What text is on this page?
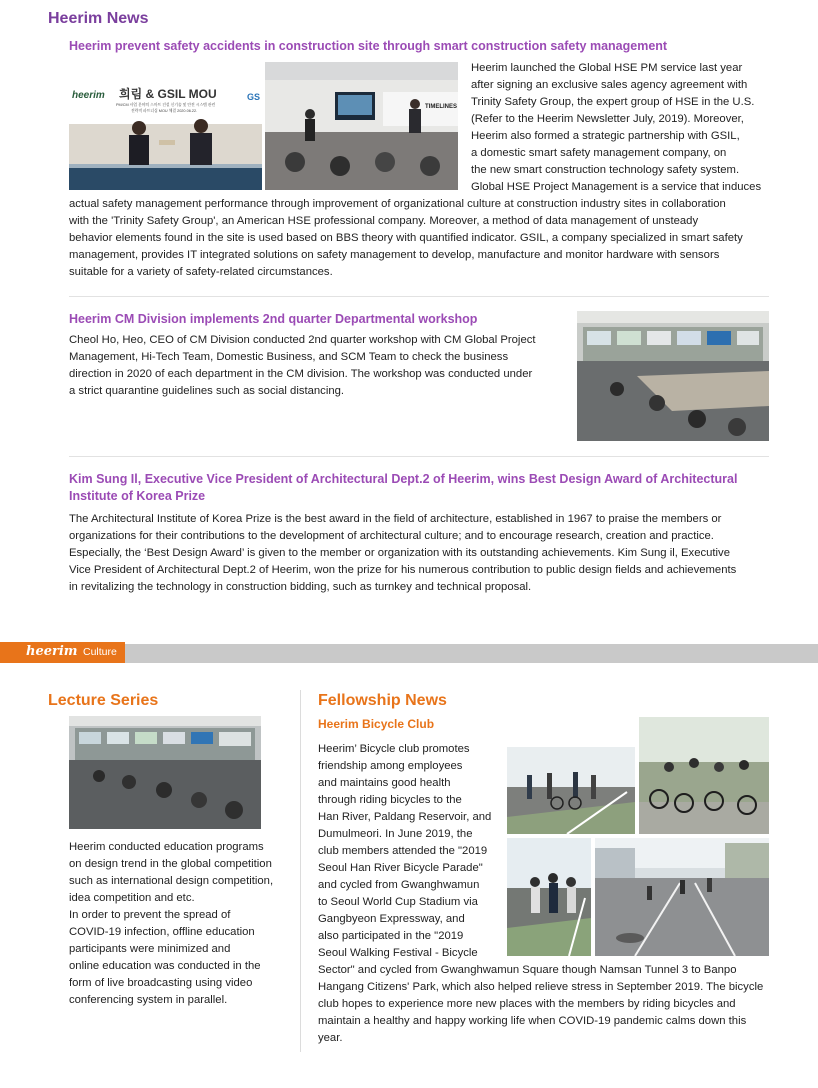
Heerim News
Heerim prevent safety accidents in construction site through smart construction safety management
heerim 희림 & GSIL MOU	GS
PM/CM 사업 분야의 스마트 건설 신기술 및 안전 시스템 관련
전략적 파트너십 MOU 체결 2020.06.22.
TIMELINES
Heerim launched the Global HSE PM service last year
after signing an exclusive sales agency agreement with
Trinity Safety Group, the expert group of HSE in the U.S.
(Refer to the Heerim Newsletter July, 2019). Moreover,
Heerim also formed a strategic partnership with GSIL,
a domestic smart safety management company, on
the new smart construction technology safety system.
Global HSE Project Management is a service that induces
actual safety management performance through improvement of organizational culture at construction industry sites in collaboration
with the 'Trinity Safety Group', an American HSE professional company. Moreover, a method of data management of unsteady
behavior elements found in the site is used based on BBS theory with quantified indicator. GSIL, a company specialized in smart safety
management, provides IT integrated solutions on safety management to develop, manufacture and monitor hardware with sensors
suitable for a variety of safety-related circumstances.
Heerim CM Division implements 2nd quarter Departmental workshop
Cheol Ho, Heo, CEO of CM Division conducted 2nd quarter workshop with CM Global Project
Management, Hi-Tech Team, Domestic Business, and SCM Team to check the business
direction in 2020 of each department in the CM division. The workshop was conducted under
a strict quarantine guidelines such as social distancing.
Kim Sung Il, Executive Vice President of Architectural Dept.2 of Heerim, wins Best Design Award of Architectural
Institute of Korea Prize
The Architectural Institute of Korea Prize is the best award in the field of architecture, established in 1967 to praise the members or
organizations for their contributions to the development of architectural culture; and to encourage research, creation and practice.
Especially, the ‘Best Design Award’ is given to the member or organization with its outstanding achievements. Kim Sung il, Executive
Vice President of Architectural Dept.2 of Heerim, won the prize for his numerous contribution to public design fields and achievements
in revitalizing the technology in construction bidding, such as turnkey and technical proposal.
heerim Culture
Lecture Series
Heerim conducted education programs
on design trend in the global competition
such as international design competition,
idea competition and etc.
In order to prevent the spread of
COVID-19 infection, offline education
participants were minimized and
online education was conducted in the
form of live broadcasting using video
conferencing system in parallel.
Fellowship News
Heerim Bicycle Club
Heerim’ Bicycle club promotes
friendship among employees
and maintains good health
through riding bicycles to the
Han River, Paldang Reservoir, and
Dumulmeori. In June 2019, the
club members attended the "2019
Seoul Han River Bicycle Parade"
and cycled from Gwanghwamun
to Seoul World Cup Stadium via
Gangbyeon Expressway, and
also participated in the "2019
Seoul Walking Festival - Bicycle
Sector" and cycled from Gwanghwamun Square though Namsan Tunnel 3 to Banpo
Hangang Citizens' Park, which also helped relieve stress in September 2019. The bicycle
club hopes to experience more new places with the members by riding bicycles and
maintain a healthy and happy working life when COVID-19 pandemic calms down this
year.
